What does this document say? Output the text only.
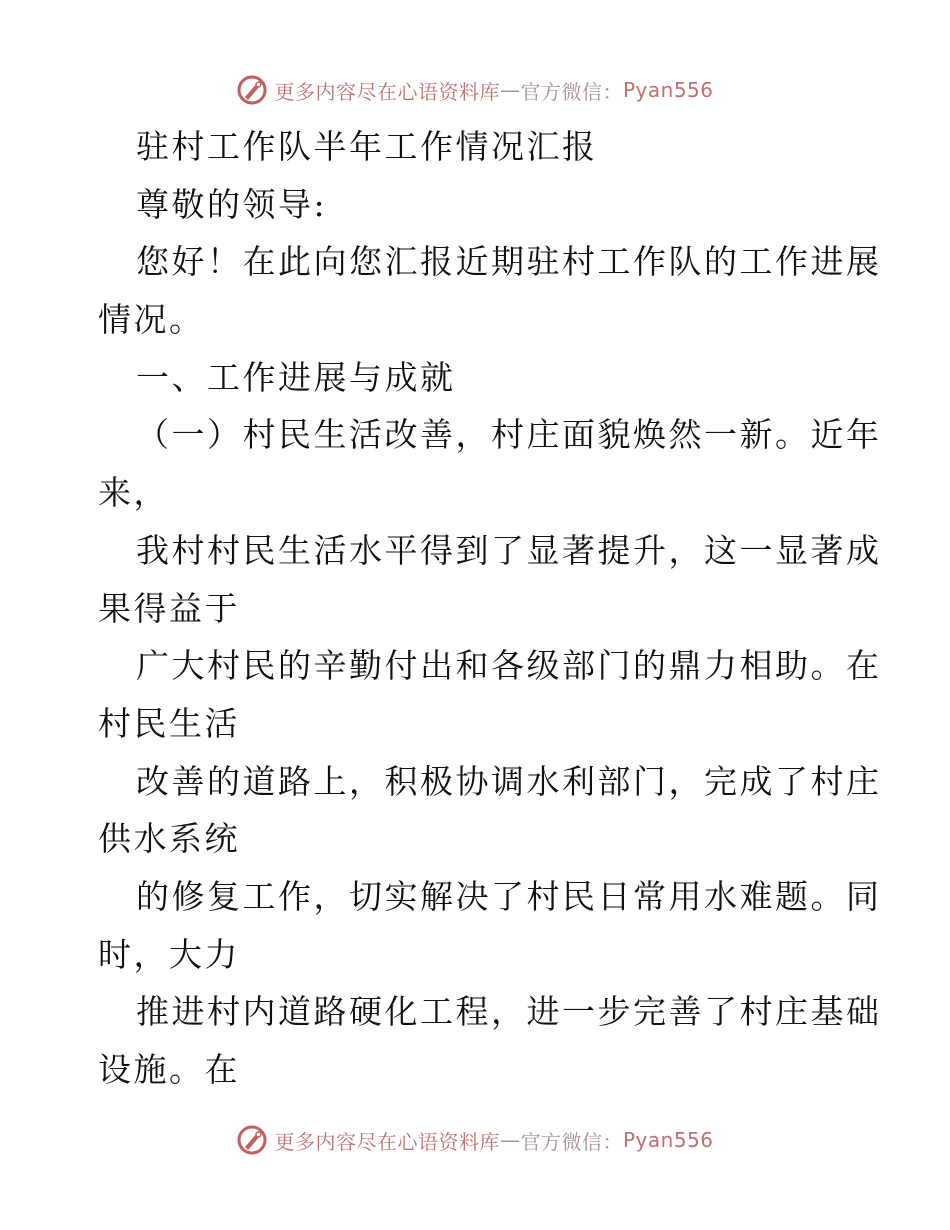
更多内容尽在心语资料库 — 官方微信： Pyan556
驻村工作队半年工作情况汇报
尊敬的领导:
您好！在此向您汇报近期驻村工作队的工作进展
情况。
一、工作进展与成就
（一）村民生活改善，村庄面貌焕然一新。近年
来，
我村村民生活水平得到了显著提升，这一显著成
果得益于
广大村民的辛勤付出和各级部门的鼎力相助。在
村民生活
改善的道路上，积极协调水利部门，完成了村庄
供水系统
的修复工作，切实解决了村民日常用水难题。同
时，大力
推进村内道路硬化工程，进一步完善了村庄基础
设施。在
更多内容尽在心语资料库 — 官方微信： Pyan556
